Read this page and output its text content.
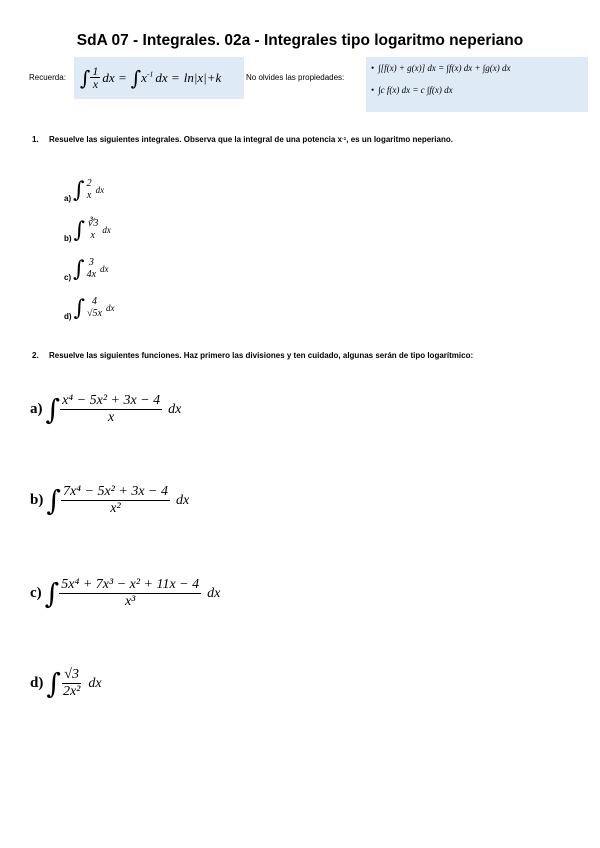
SdA 07 - Integrales. 02a - Integrales tipo logaritmo neperiano
Recuerda: ∫ $\frac{1}{x}$ dx = ∫ $x^{-1}$ dx = ln|x|+k	No olvides las propiedades:
• ∫[f(x) + g(x)] dx = ∫f(x) dx + ∫g(x) dx
• ∫c f(x) dx = c ∫f(x) dx
1.	Resuelve las siguientes integrales. Observa que la integral de una potencia x -1 , es un logaritmo neperiano.
a) ∫ 2
x dx
b) ∫ ∛3
x dx
c) ∫ 3
4x dx
d) ∫ 4
√5x dx
2.	Resuelve las siguientes funciones. Haz primero las divisiones y ten cuidado, algunas serán de tipo logarítmico:
a) ∫ $\frac{\text{x⁴ − 5x² + 3x − 4}}{x}$ dx
b) ∫ $\frac{\text{7x⁴ − 5x² + 3x − 4}}{\text{x²}}$ dx
c) ∫ $\frac{\text{5x⁴ + 7x³ − x² + 11x − 4}}{\text{x³}}$ dx
d) ∫ $\frac{√3}{\text{2x²}}$ dx
